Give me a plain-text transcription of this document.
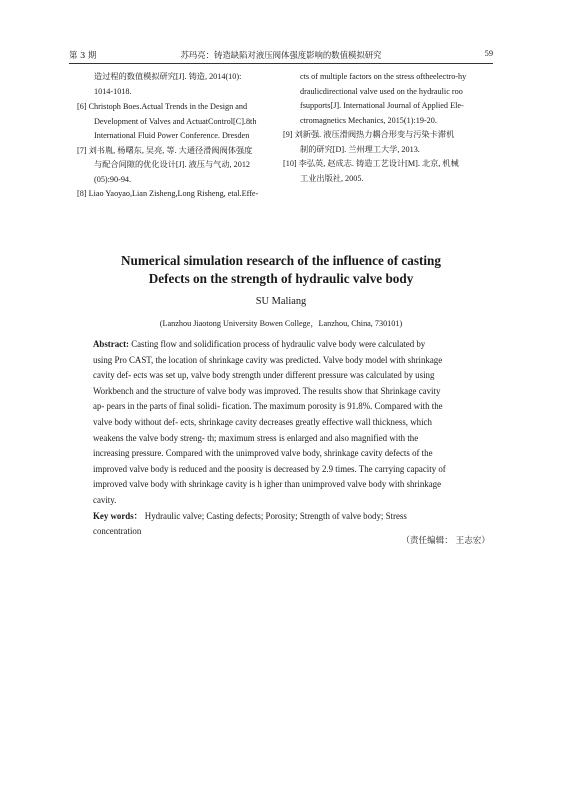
第 3 期	苏玛亮：铸造缺陷对液压阀体强度影响的数值模拟研究	59
造过程的数值模拟研究[J]. 铸造, 2014(10):
1014-1018.
[6] Christoph Boes.Actual Trends in the Design and
Development of Valves and ActuatControl[C].8th
International Fluid Power Conference. Dresden
[7] 刘书胤, 杨曙东, 吴亮, 等. 大通径滑阀阀体强度
与配合间隙的优化设计[J]. 液压与气动, 2012
(05):90-94.
[8] Liao Yaoyao,Lian Zisheng,Long Risheng, etal.Effe-
cts of multiple factors on the stress oftheelectro-hy
draulicdirectional valve used on the hydraulic roo
fsupports[J]. International Journal of Applied Ele-
ctromagnetics Mechanics, 2015(1):19-20.
[9] 刘新强. 液压滑阀热力耦合形变与污染卡滞机
制的研究[D]. 兰州理工大学, 2013.
[10] 李弘英, 赵成志. 铸造工艺设计[M]. 北京, 机械
工业出版社, 2005.
Numerical simulation research of the influence of casting
Defects on the strength of hydraulic valve body
SU Maliang
(Lanzhou Jiaotong University Bowen College，Lanzhou, China, 730101)
Abstract: Casting flow and solidification process of hydraulic valve body were calculated by
using Pro CAST, the location of shrinkage cavity was predicted. Valve body model with shrinkage
cavity def- ects was set up, valve body strength under different pressure was calculated by using
Workbench and the structure of valve body was improved. The results show that Shrinkage cavity
ap- pears in the parts of final solidi- fication. The maximum porosity is 91.8%. Compared with the
valve body without def- ects, shrinkage cavity decreases greatly effective wall thickness, which
weakens the valve body streng- th; maximum stress is enlarged and also magnified with the
increasing pressure. Compared with the unimproved valve body, shrinkage cavity defects of the
improved valve body is reduced and the poosity is decreased by 2.9 times. The carrying capacity of
improved valve body with shrinkage cavity is h igher than unimproved valve body with shrinkage
cavity.
Key words： Hydraulic valve; Casting defects; Porosity; Strength of valve body; Stress
concentration
（责任编辑： 王志宏）
